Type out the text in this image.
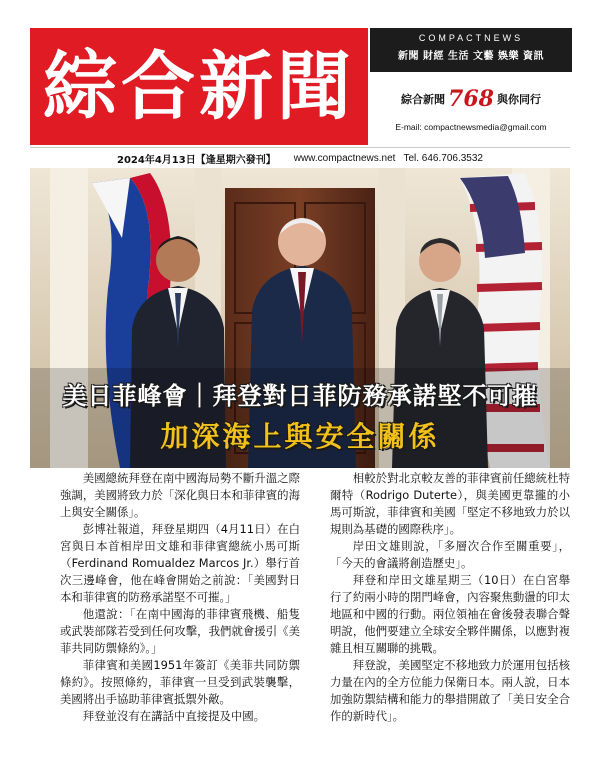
綜合新聞
COMPACTNEWS
新聞 財經 生活 文藝 娛樂 資訊
綜合新聞 768 與你同行
E-mail: compactnewsmedia@gmail.com
2024年4月13日【逢星期六發刊】 www.compactnews.net Tel. 646.706.3532
美日菲峰會｜拜登對日菲防務承諾堅不可摧
加深海上與安全關係

美國總統拜登在南中國海局勢不斷升溫之際強調，美國將致力於「深化與日本和菲律賓的海上與安全關係」。

彭博社報道，拜登星期四（4月11日）在白宮與日本首相岸田文雄和菲律賓總統小馬可斯（Ferdinand Romualdez Marcos Jr.）舉行首次三邊峰會，他在峰會開始之前說：「美國對日本和菲律賓的防務承諾堅不可摧。」

他還說：「在南中國海的菲律賓飛機、船隻或武裝部隊若受到任何攻擊，我們就會援引《美菲共同防禦條約》。」

菲律賓和美國1951年簽訂《美菲共同防禦條約》。按照條約，菲律賓一旦受到武裝襲擊，美國將出手協助菲律賓抵禦外敵。

拜登並沒有在講話中直接提及中國。

相較於對北京較友善的菲律賓前任總統杜特爾特（Rodrigo Duterte），與美國更靠攏的小馬可斯說，菲律賓和美國「堅定不移地致力於以規則為基礎的國際秩序」。

岸田文雄則說，「多層次合作至關重要」，「今天的會議將創造歷史」。

拜登和岸田文雄星期三（10日）在白宮舉行了約兩小時的閉門峰會，內容聚焦動盪的印太地區和中國的行動。兩位領袖在會後發表聯合聲明說，他們要建立全球安全夥伴關係，以應對複雜且相互關聯的挑戰。

拜登說，美國堅定不移地致力於運用包括核力量在內的全方位能力保衛日本。兩人說，日本加強防禦結構和能力的舉措開啟了「美日安全合作的新時代」。
